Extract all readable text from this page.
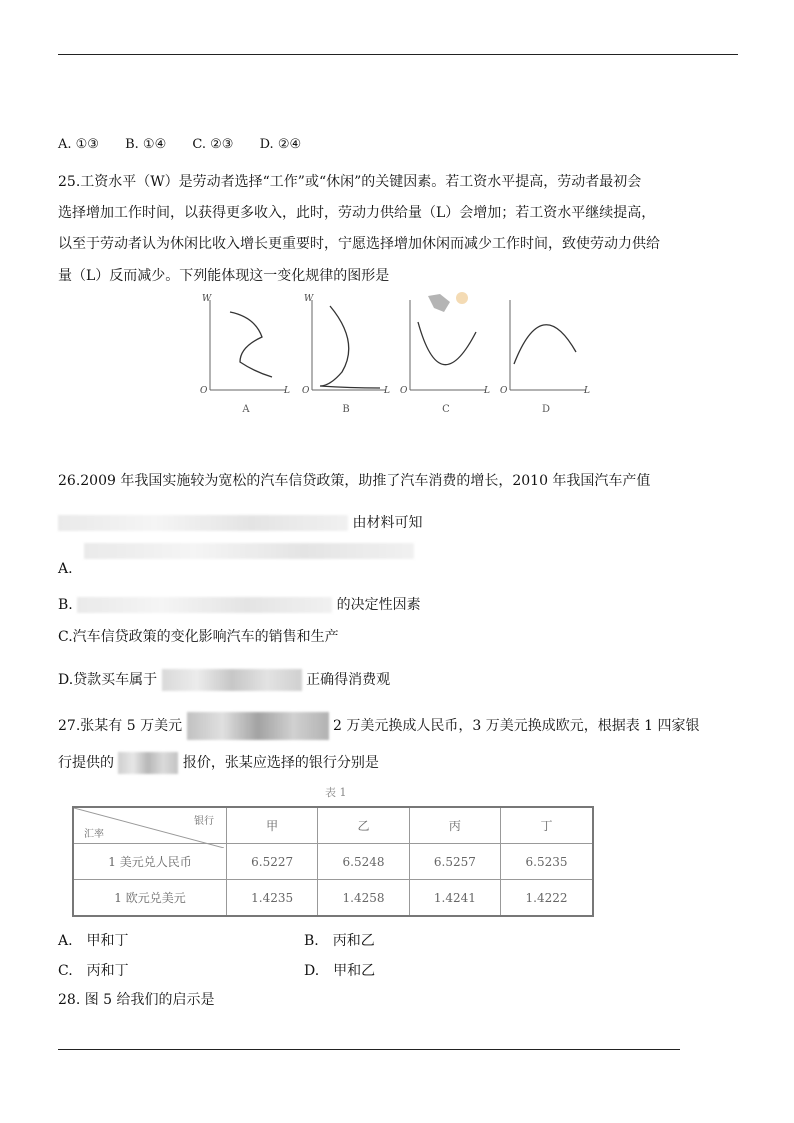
A. ①③ B. ①④ C. ②③ D. ②④
25.工资水平（W）是劳动者选择“工作”或“休闲”的关键因素。若工资水平提高，劳动者最初会
选择增加工作时间，以获得更多收入，此时，劳动力供给量（L）会增加；若工资水平继续提高，
以至于劳动者认为休闲比收入增长更重要时，宁愿选择增加休闲而减少工作时间，致使劳动力供给
量（L）反而减少。下列能体现这一变化规律的图形是
W
L
O
A
W
L
O
B
L
O
C
L
O
D
26.2009 年我国实施较为宽松的汽车信贷政策，助推了汽车消费的增长，2010 年我国汽车产值
由材料可知
A.
B.	的决定性因素
C.汽车信贷政策的变化影响汽车的销售和生产
D.贷款买车属于	正确得消费观
27.张某有 5 万美元	2 万美元换成人民币，3 万美元换成欧元，根据表 1 四家银
行提供的	报价，张某应选择的银行分别是
表 1
银行
汇率	甲	乙	丙	丁
1 美元兑人民币	6.5227	6.5248	6.5257	6.5235
1 欧元兑美元	1.4235	1.4258	1.4241	1.4222
A.　甲和丁	B.　丙和乙
C.　丙和丁	D.　甲和乙
28. 图 5 给我们的启示是
